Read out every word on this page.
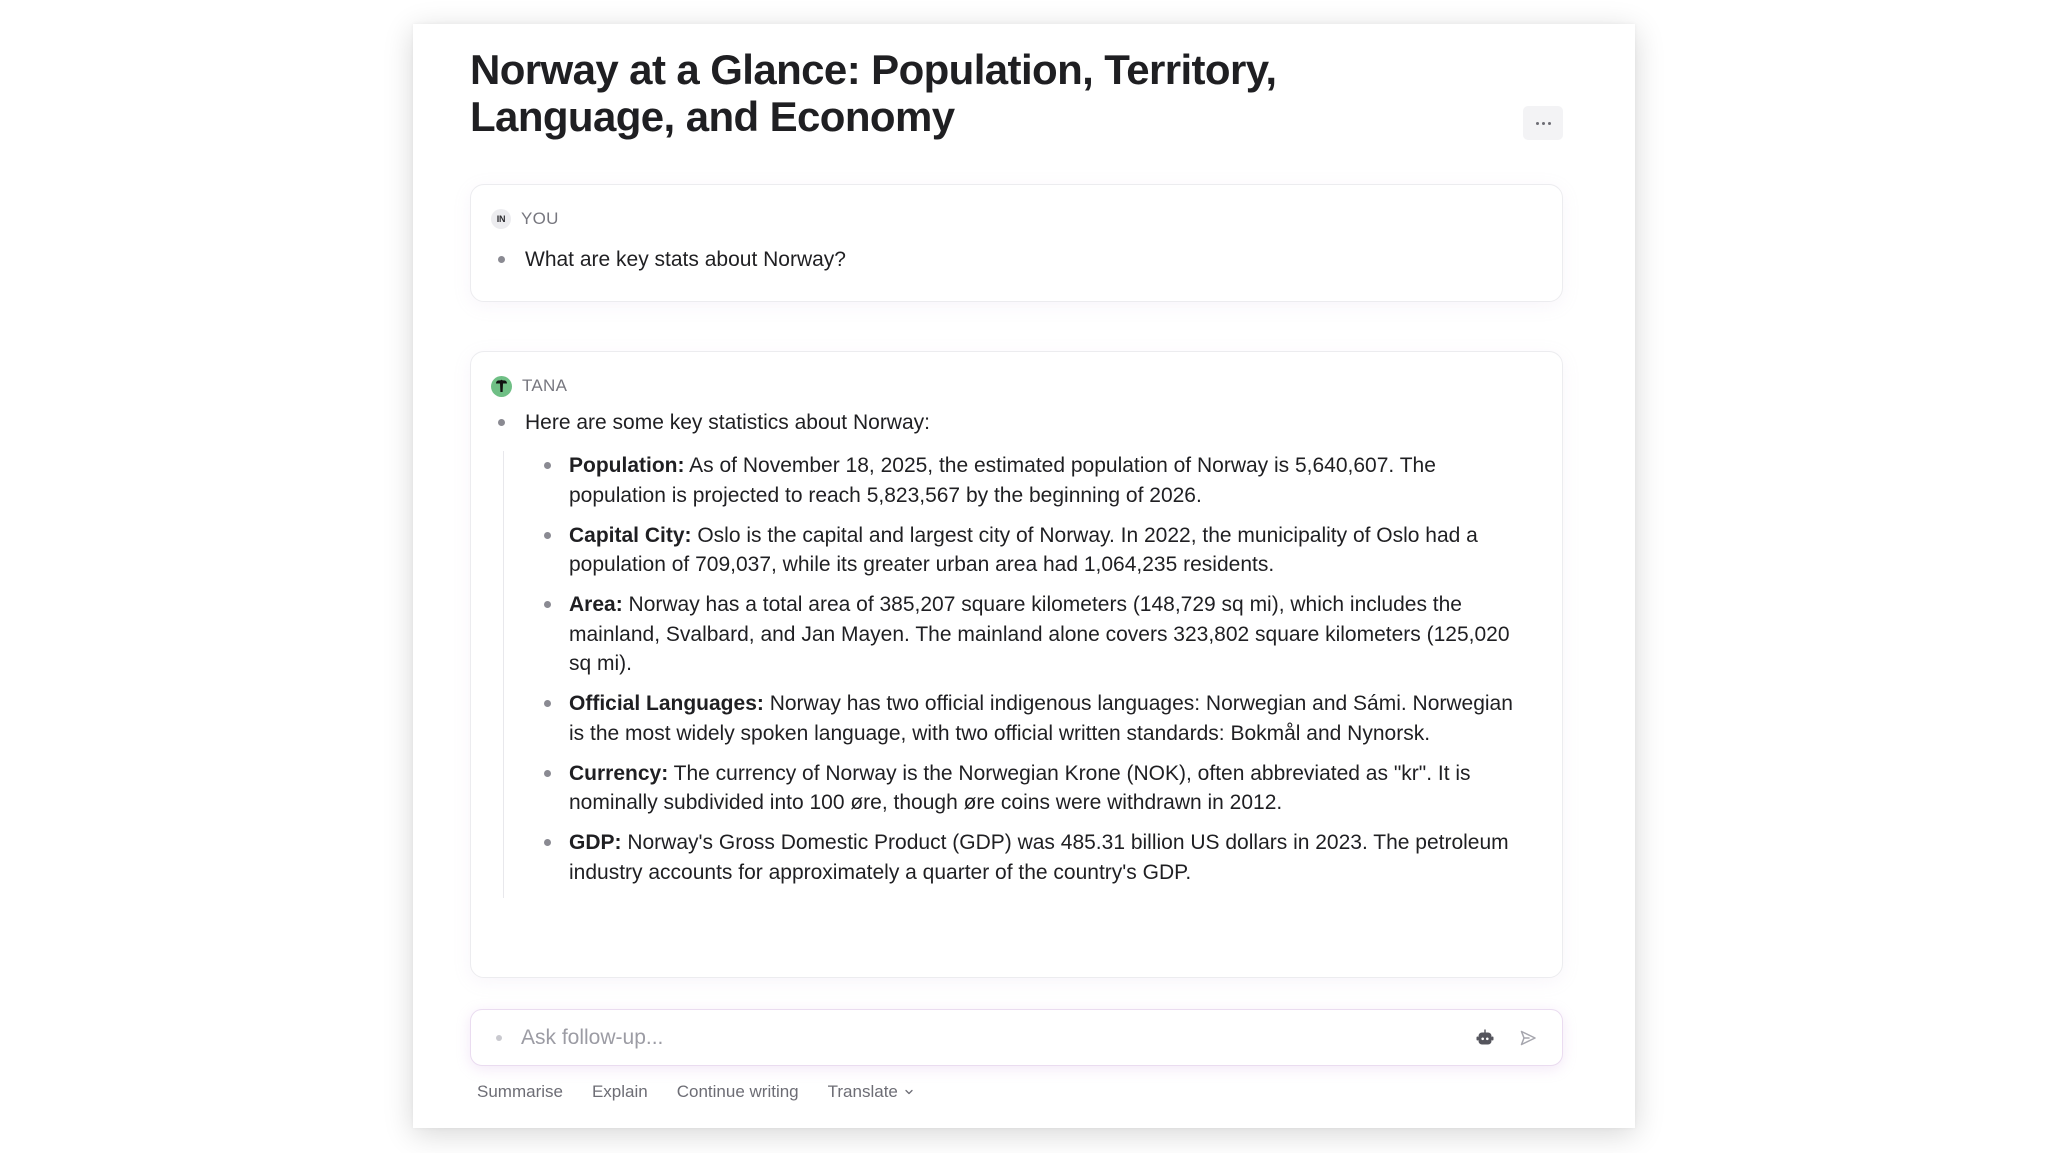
Norway at a Glance: Population, Territory, Language, and Economy
IN YOU
What are key stats about Norway?
TANA
Here are some key statistics about Norway:
Population: As of November 18, 2025, the estimated population of Norway is 5,640,607. The population is projected to reach 5,823,567 by the beginning of 2026.
Capital City: Oslo is the capital and largest city of Norway. In 2022, the municipality of Oslo had a population of 709,037, while its greater urban area had 1,064,235 residents.
Area: Norway has a total area of 385,207 square kilometers (148,729 sq mi), which includes the mainland, Svalbard, and Jan Mayen. The mainland alone covers 323,802 square kilometers (125,020 sq mi).
Official Languages: Norway has two official indigenous languages: Norwegian and Sámi. Norwegian is the most widely spoken language, with two official written standards: Bokmål and Nynorsk.
Currency: The currency of Norway is the Norwegian Krone (NOK), often abbreviated as "kr". It is nominally subdivided into 100 øre, though øre coins were withdrawn in 2012.
GDP: Norway's Gross Domestic Product (GDP) was 485.31 billion US dollars in 2023. The petroleum industry accounts for approximately a quarter of the country's GDP.
Ask follow-up...
Summarise Explain Continue writing Translate
